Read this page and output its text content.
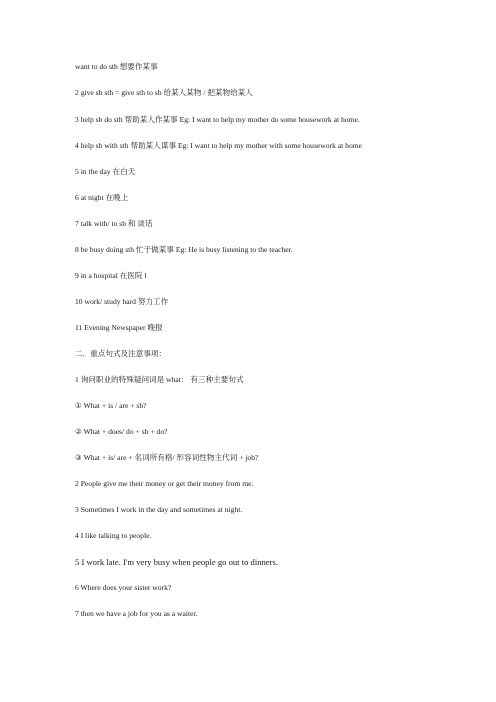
want to do sth 想要作某事
2 give sb sth = give sth to sb 给某人某物 / 把某物给某人
3 help sb do sth 帮助某人作某事 Eg: I want to help my mother do some housework at home.
4 help sb with sth 帮助某人谋事 Eg: I want to help my mother with some housework at home
5 in the day 在白天
6 at night 在晚上
7 talk with/ to sb 和 谈话
8 be busy doing sth 忙于做某事 Eg: He is busy listening to the teacher.
9 in a hospital 在医院 l
10 work/ study hard 努力工作
11 Evening Newspaper 晚报
二．重点句式及注意事项：
1 询问职业的特殊疑问词是 what： 有三种主要句式
① What + is / are + sb?
② What + does/ do + sb + do?
③ What + is/ are + 名词所有格/ 形容词性物主代词 + job?
2 People give me their money or get their money from me.
3 Sometimes I work in the day and sometimes at night.
4 I like talking to people.
5 I work late. I'm very busy when people go out to dinners.
6 Where does your sister work?
7 then we have a job for you as a waiter.
